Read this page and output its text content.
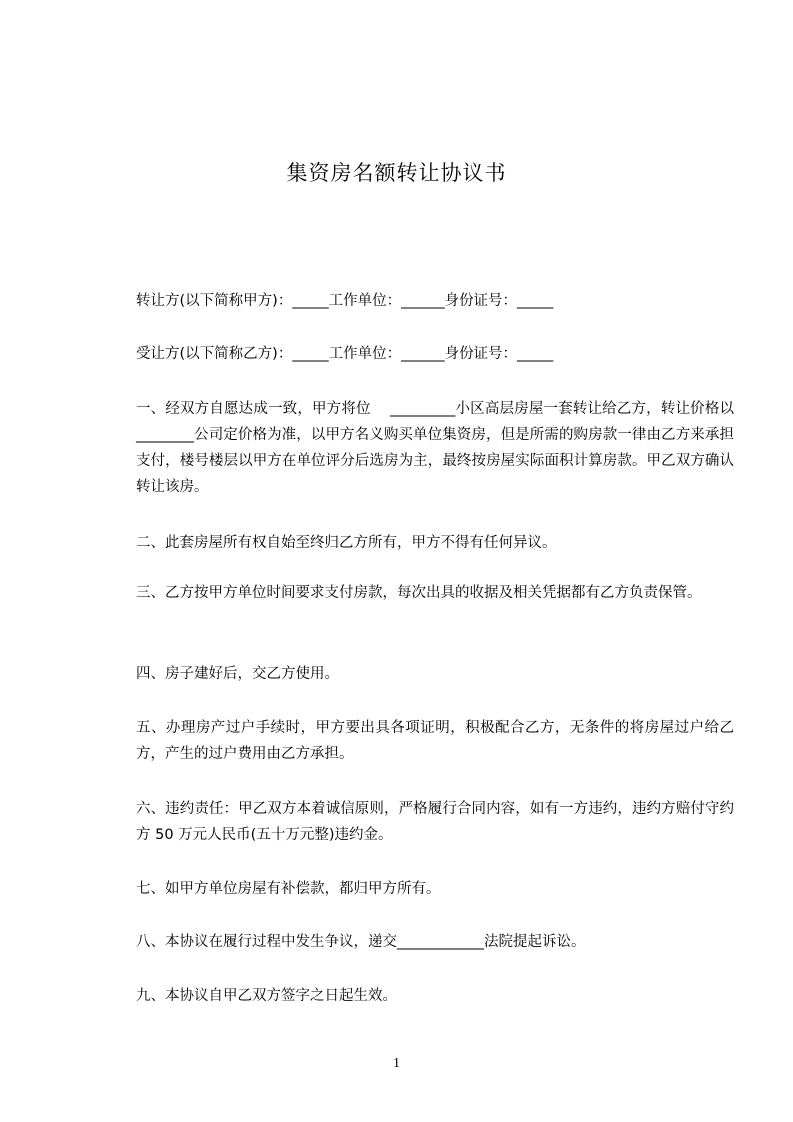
集资房名额转让协议书
转让方(以下简称甲方)：_____工作单位：______身份证号：_____
受让方(以下简称乙方)：_____工作单位：______身份证号：_____
一、经双方自愿达成一致，甲方将位　 _________小区高层房屋一套转让给乙方，转让价格以________公司定价格为准，以甲方名义购买单位集资房，但是所需的购房款一律由乙方来承担支付，楼号楼层以甲方在单位评分后选房为主，最终按房屋实际面积计算房款。甲乙双方确认转让该房。
二、此套房屋所有权自始至终归乙方所有，甲方不得有任何异议。
三、乙方按甲方单位时间要求支付房款，每次出具的收据及相关凭据都有乙方负责保管。
四、房子建好后，交乙方使用。
五、办理房产过户手续时，甲方要出具各项证明，积极配合乙方，无条件的将房屋过户给乙方，产生的过户费用由乙方承担。
六、违约责任：甲乙双方本着诚信原则，严格履行合同内容，如有一方违约，违约方赔付守约方 50 万元人民币(五十万元整)违约金。
七、如甲方单位房屋有补偿款，都归甲方所有。
八、本协议在履行过程中发生争议，递交____________法院提起诉讼。
九、本协议自甲乙双方签字之日起生效。
1
